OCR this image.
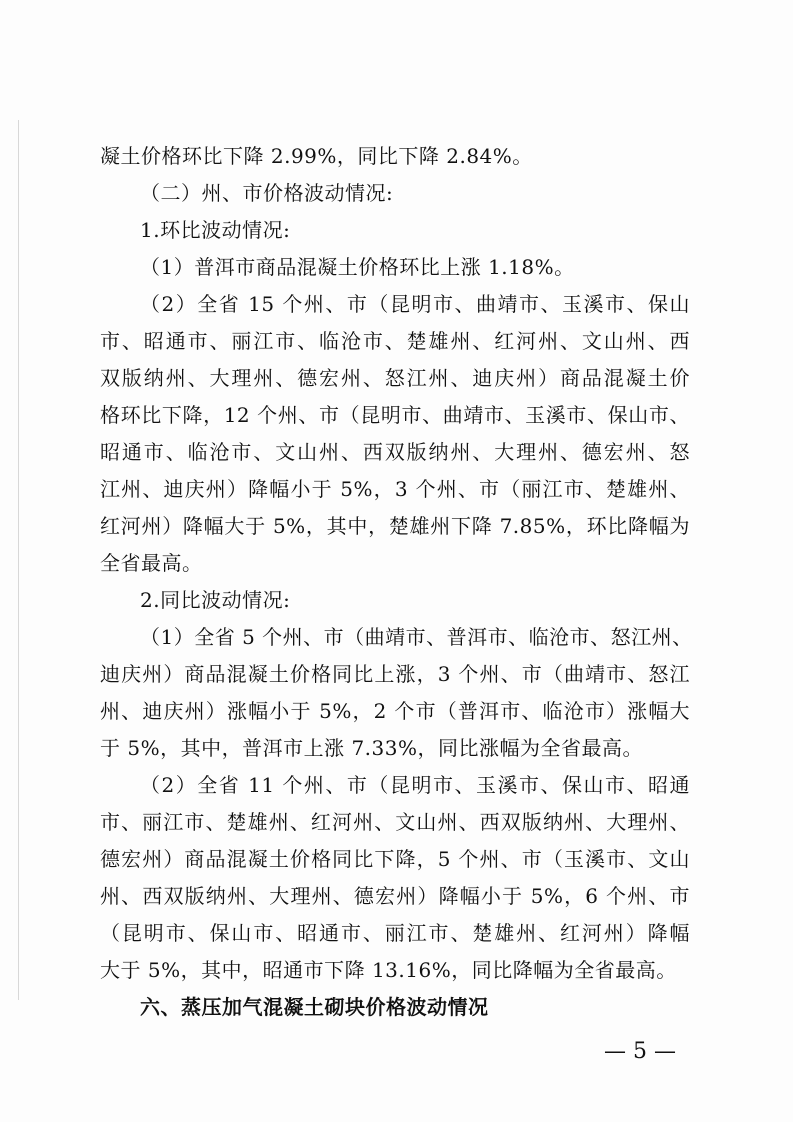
凝土价格环比下降 2.99%，同比下降 2.84%。
（二）州、市价格波动情况:
1.环比波动情况:
（1）普洱市商品混凝土价格环比上涨 1.18%。
（2）全省 15 个州、市（昆明市、曲靖市、玉溪市、保山
市、昭通市、丽江市、临沧市、楚雄州、红河州、文山州、西
双版纳州、大理州、德宏州、怒江州、迪庆州）商品混凝土价
格环比下降，12 个州、市（昆明市、曲靖市、玉溪市、保山市、
昭通市、临沧市、文山州、西双版纳州、大理州、德宏州、怒
江州、迪庆州）降幅小于 5%，3 个州、市（丽江市、楚雄州、
红河州）降幅大于 5%，其中，楚雄州下降 7.85%，环比降幅为
全省最高。
2.同比波动情况:
（1）全省 5 个州、市（曲靖市、普洱市、临沧市、怒江州、
迪庆州）商品混凝土价格同比上涨，3 个州、市（曲靖市、怒江
州、迪庆州）涨幅小于 5%，2 个市（普洱市、临沧市）涨幅大
于 5%，其中，普洱市上涨 7.33%，同比涨幅为全省最高。
（2）全省 11 个州、市（昆明市、玉溪市、保山市、昭通
市、丽江市、楚雄州、红河州、文山州、西双版纳州、大理州、
德宏州）商品混凝土价格同比下降，5 个州、市（玉溪市、文山
州、西双版纳州、大理州、德宏州）降幅小于 5%，6 个州、市
（昆明市、保山市、昭通市、丽江市、楚雄州、红河州）降幅
大于 5%，其中，昭通市下降 13.16%，同比降幅为全省最高。
六、蒸压加气混凝土砌块价格波动情况
— 5 —
